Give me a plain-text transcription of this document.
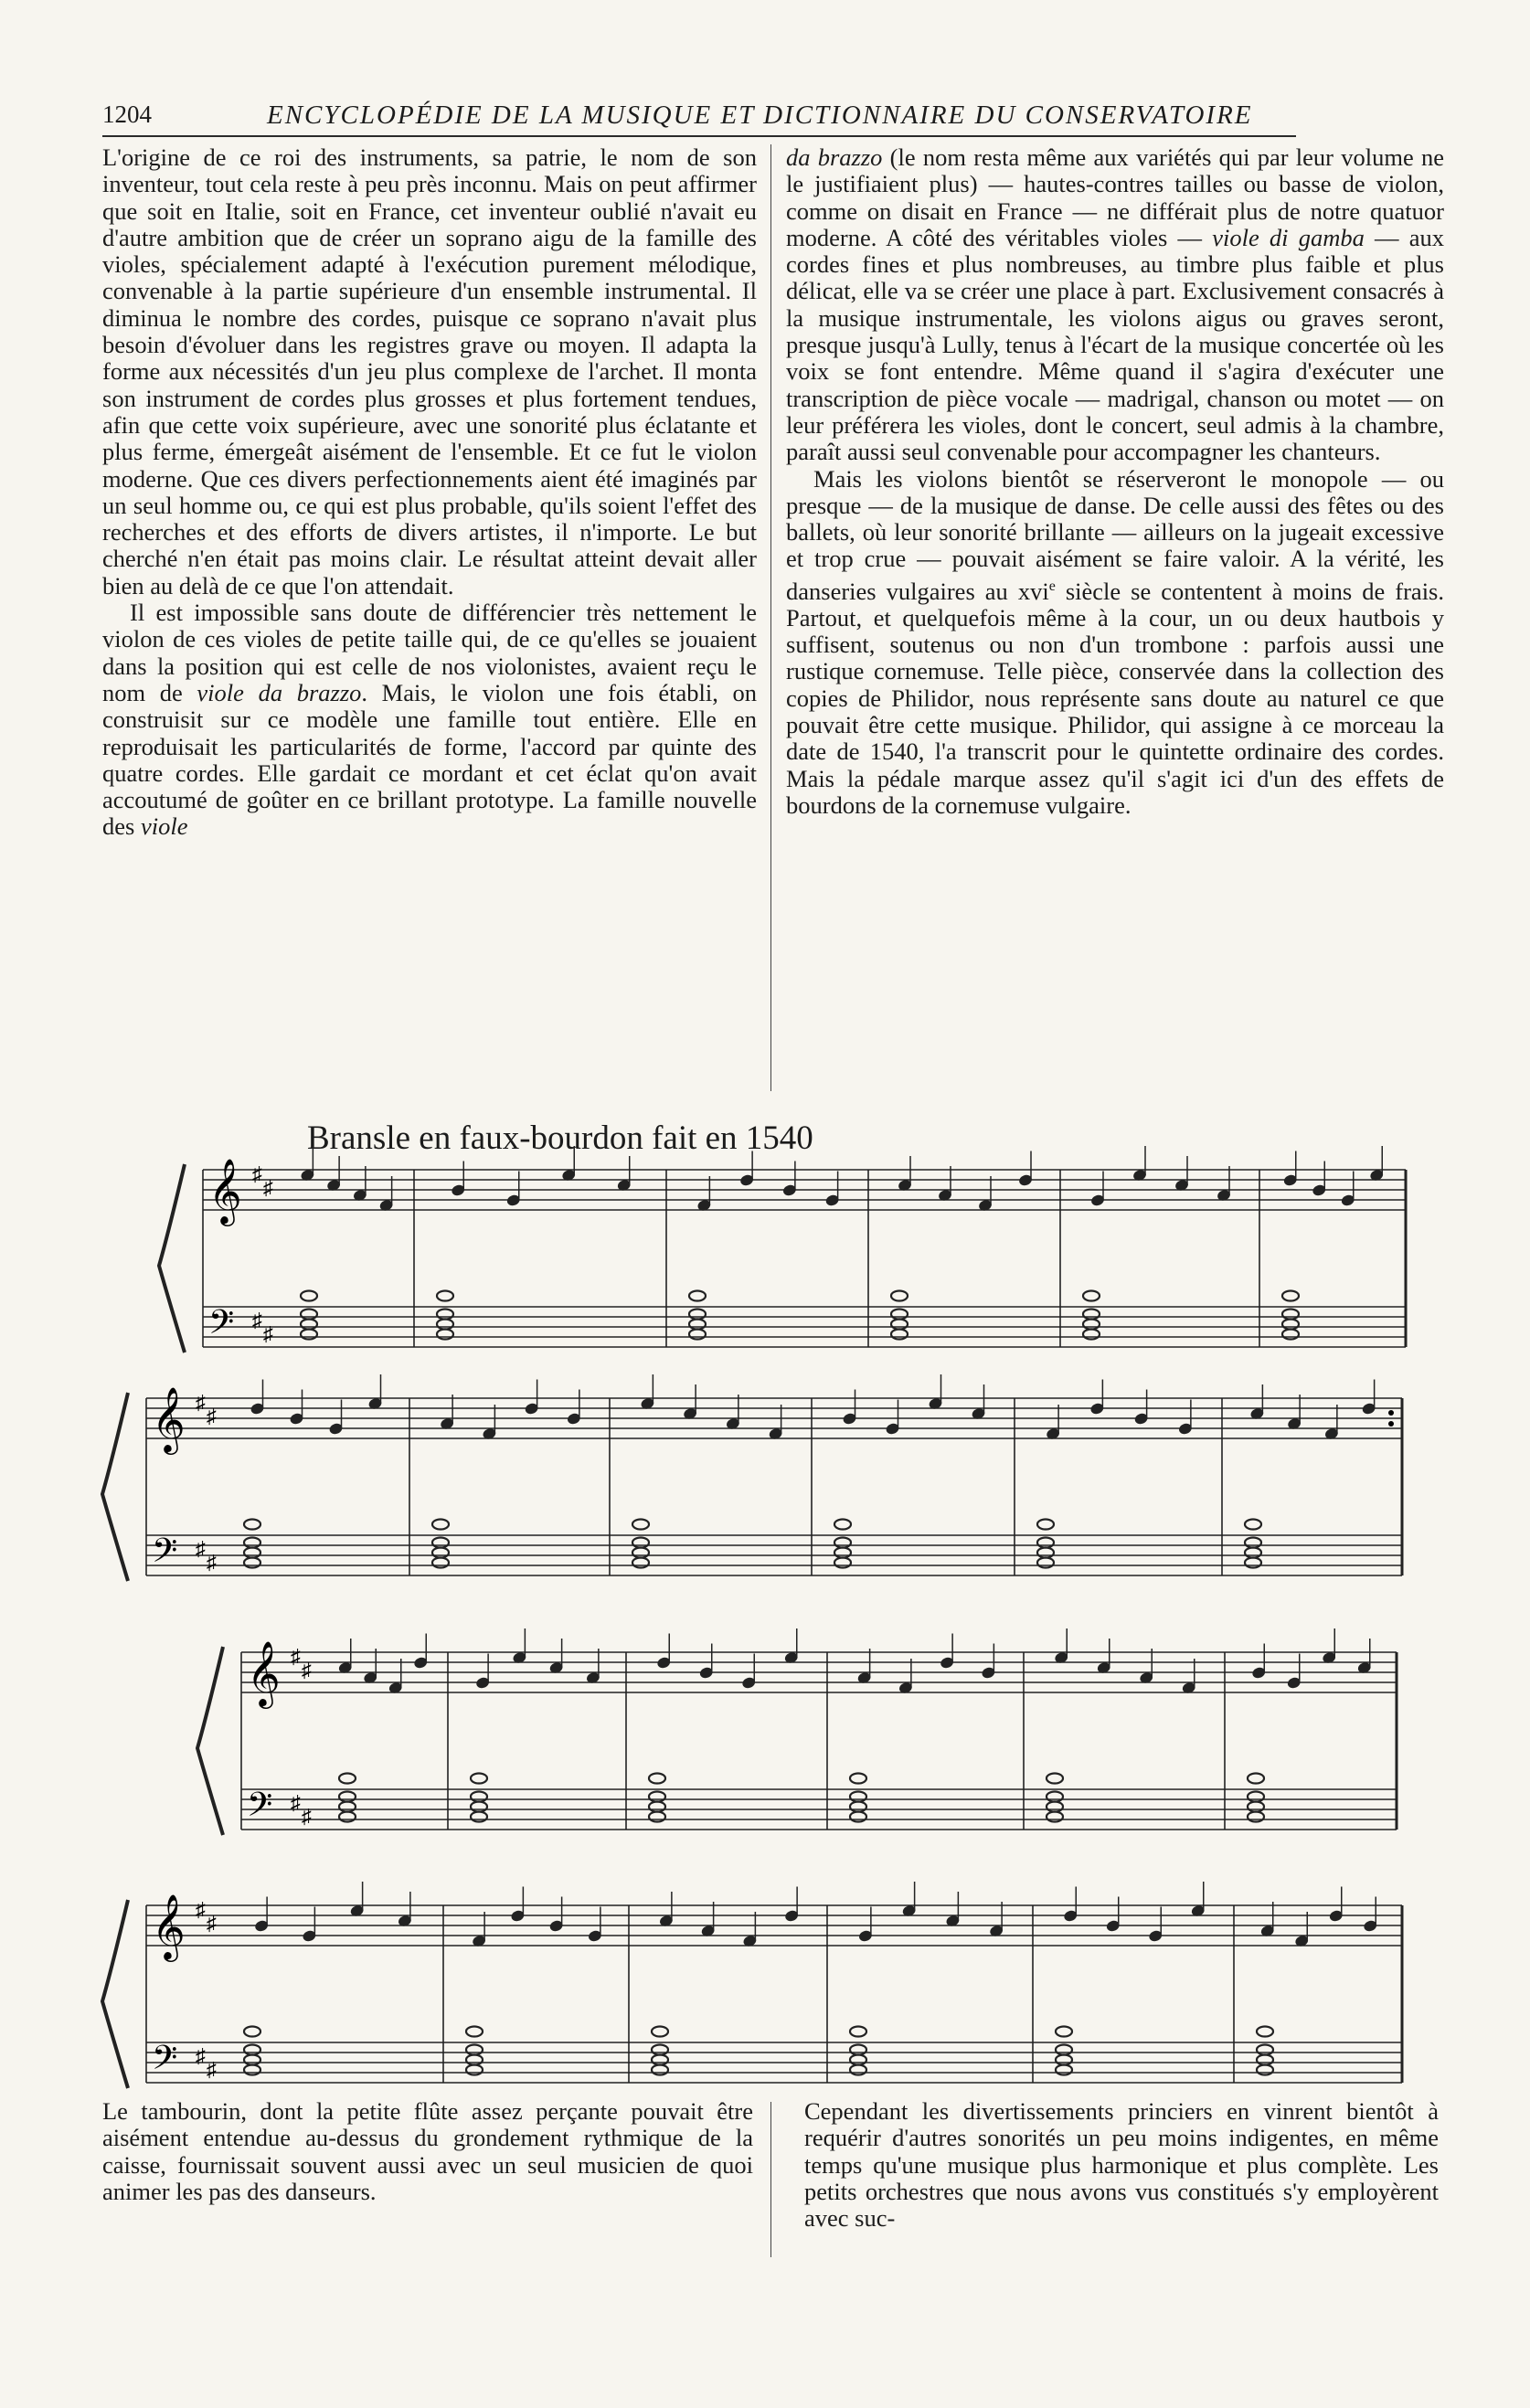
1204	ENCYCLOPÉDIE DE LA MUSIQUE ET DICTIONNAIRE DU CONSERVATOIRE

L'origine de ce roi des instruments, sa patrie, le nom de son inventeur, tout cela reste à peu près inconnu. Mais on peut affirmer que soit en Italie, soit en France, cet inventeur oublié n'avait eu d'autre ambition que de créer un soprano aigu de la famille des violes, spécialement adapté à l'exécution purement mélodique, convenable à la partie supérieure d'un ensemble instrumental. Il diminua le nombre des cordes, puisque ce soprano n'avait plus besoin d'évoluer dans les registres grave ou moyen. Il adapta la forme aux nécessités d'un jeu plus complexe de l'archet. Il monta son instrument de cordes plus grosses et plus fortement tendues, afin que cette voix supérieure, avec une sonorité plus éclatante et plus ferme, émergeât aisément de l'ensemble. Et ce fut le violon moderne. Que ces divers perfectionnements aient été imaginés par un seul homme ou, ce qui est plus probable, qu'ils soient l'effet des recherches et des efforts de divers artistes, il n'importe. Le but cherché n'en était pas moins clair. Le résultat atteint devait aller bien au delà de ce que l'on attendait.

Il est impossible sans doute de différencier très nettement le violon de ces violes de petite taille qui, de ce qu'elles se jouaient dans la position qui est celle de nos violonistes, avaient reçu le nom de viole da brazzo. Mais, le violon une fois établi, on construisit sur ce modèle une famille tout entière. Elle en reproduisait les particularités de forme, l'accord par quinte des quatre cordes. Elle gardait ce mordant et cet éclat qu'on avait accoutumé de goûter en ce brillant prototype. La famille nouvelle des viole

da brazzo (le nom resta même aux variétés qui par leur volume ne le justifiaient plus) — hautes-contres tailles ou basse de violon, comme on disait en France — ne différait plus de notre quatuor moderne. A côté des véritables violes — viole di gamba — aux cordes fines et plus nombreuses, au timbre plus faible et plus délicat, elle va se créer une place à part. Exclusivement consacrés à la musique instrumentale, les violons aigus ou graves seront, presque jusqu'à Lully, tenus à l'écart de la musique concertée où les voix se font entendre. Même quand il s'agira d'exécuter une transcription de pièce vocale — madrigal, chanson ou motet — on leur préférera les violes, dont le concert, seul admis à la chambre, paraît aussi seul convenable pour accompagner les chanteurs.

Mais les violons bientôt se réserveront le monopole — ou presque — de la musique de danse. De celle aussi des fêtes ou des ballets, où leur sonorité brillante — ailleurs on la jugeait excessive et trop crue — pouvait aisément se faire valoir. A la vérité, les danseries vulgaires au xvi$^e$ siècle se contentent à moins de frais. Partout, et quelquefois même à la cour, un ou deux hautbois y suffisent, soutenus ou non d'un trombone : parfois aussi une rustique cornemuse. Telle pièce, conservée dans la collection des copies de Philidor, nous représente sans doute au naturel ce que pouvait être cette musique. Philidor, qui assigne à ce morceau la date de 1540, l'a transcrit pour le quintette ordinaire des cordes. Mais la pédale marque assez qu'il s'agit ici d'un des effets de bourdons de la cornemuse vulgaire.

Bransle en faux-bourdon fait en 1540
𝄞
𝄢
♯
♯
♯
♯
𝄞
𝄢
♯
♯
♯
♯
𝄞
𝄢
♯
♯
♯
♯
𝄞
𝄢
♯
♯
♯
♯

Le tambourin, dont la petite flûte assez perçante pouvait être aisément entendue au-dessus du grondement rythmique de la caisse, fournissait souvent aussi avec un seul musicien de quoi animer les pas des danseurs.

Cependant les divertissements princiers en vinrent bientôt à requérir d'autres sonorités un peu moins indigentes, en même temps qu'une musique plus harmonique et plus complète. Les petits orchestres que nous avons vus constitués s'y employèrent avec suc-
